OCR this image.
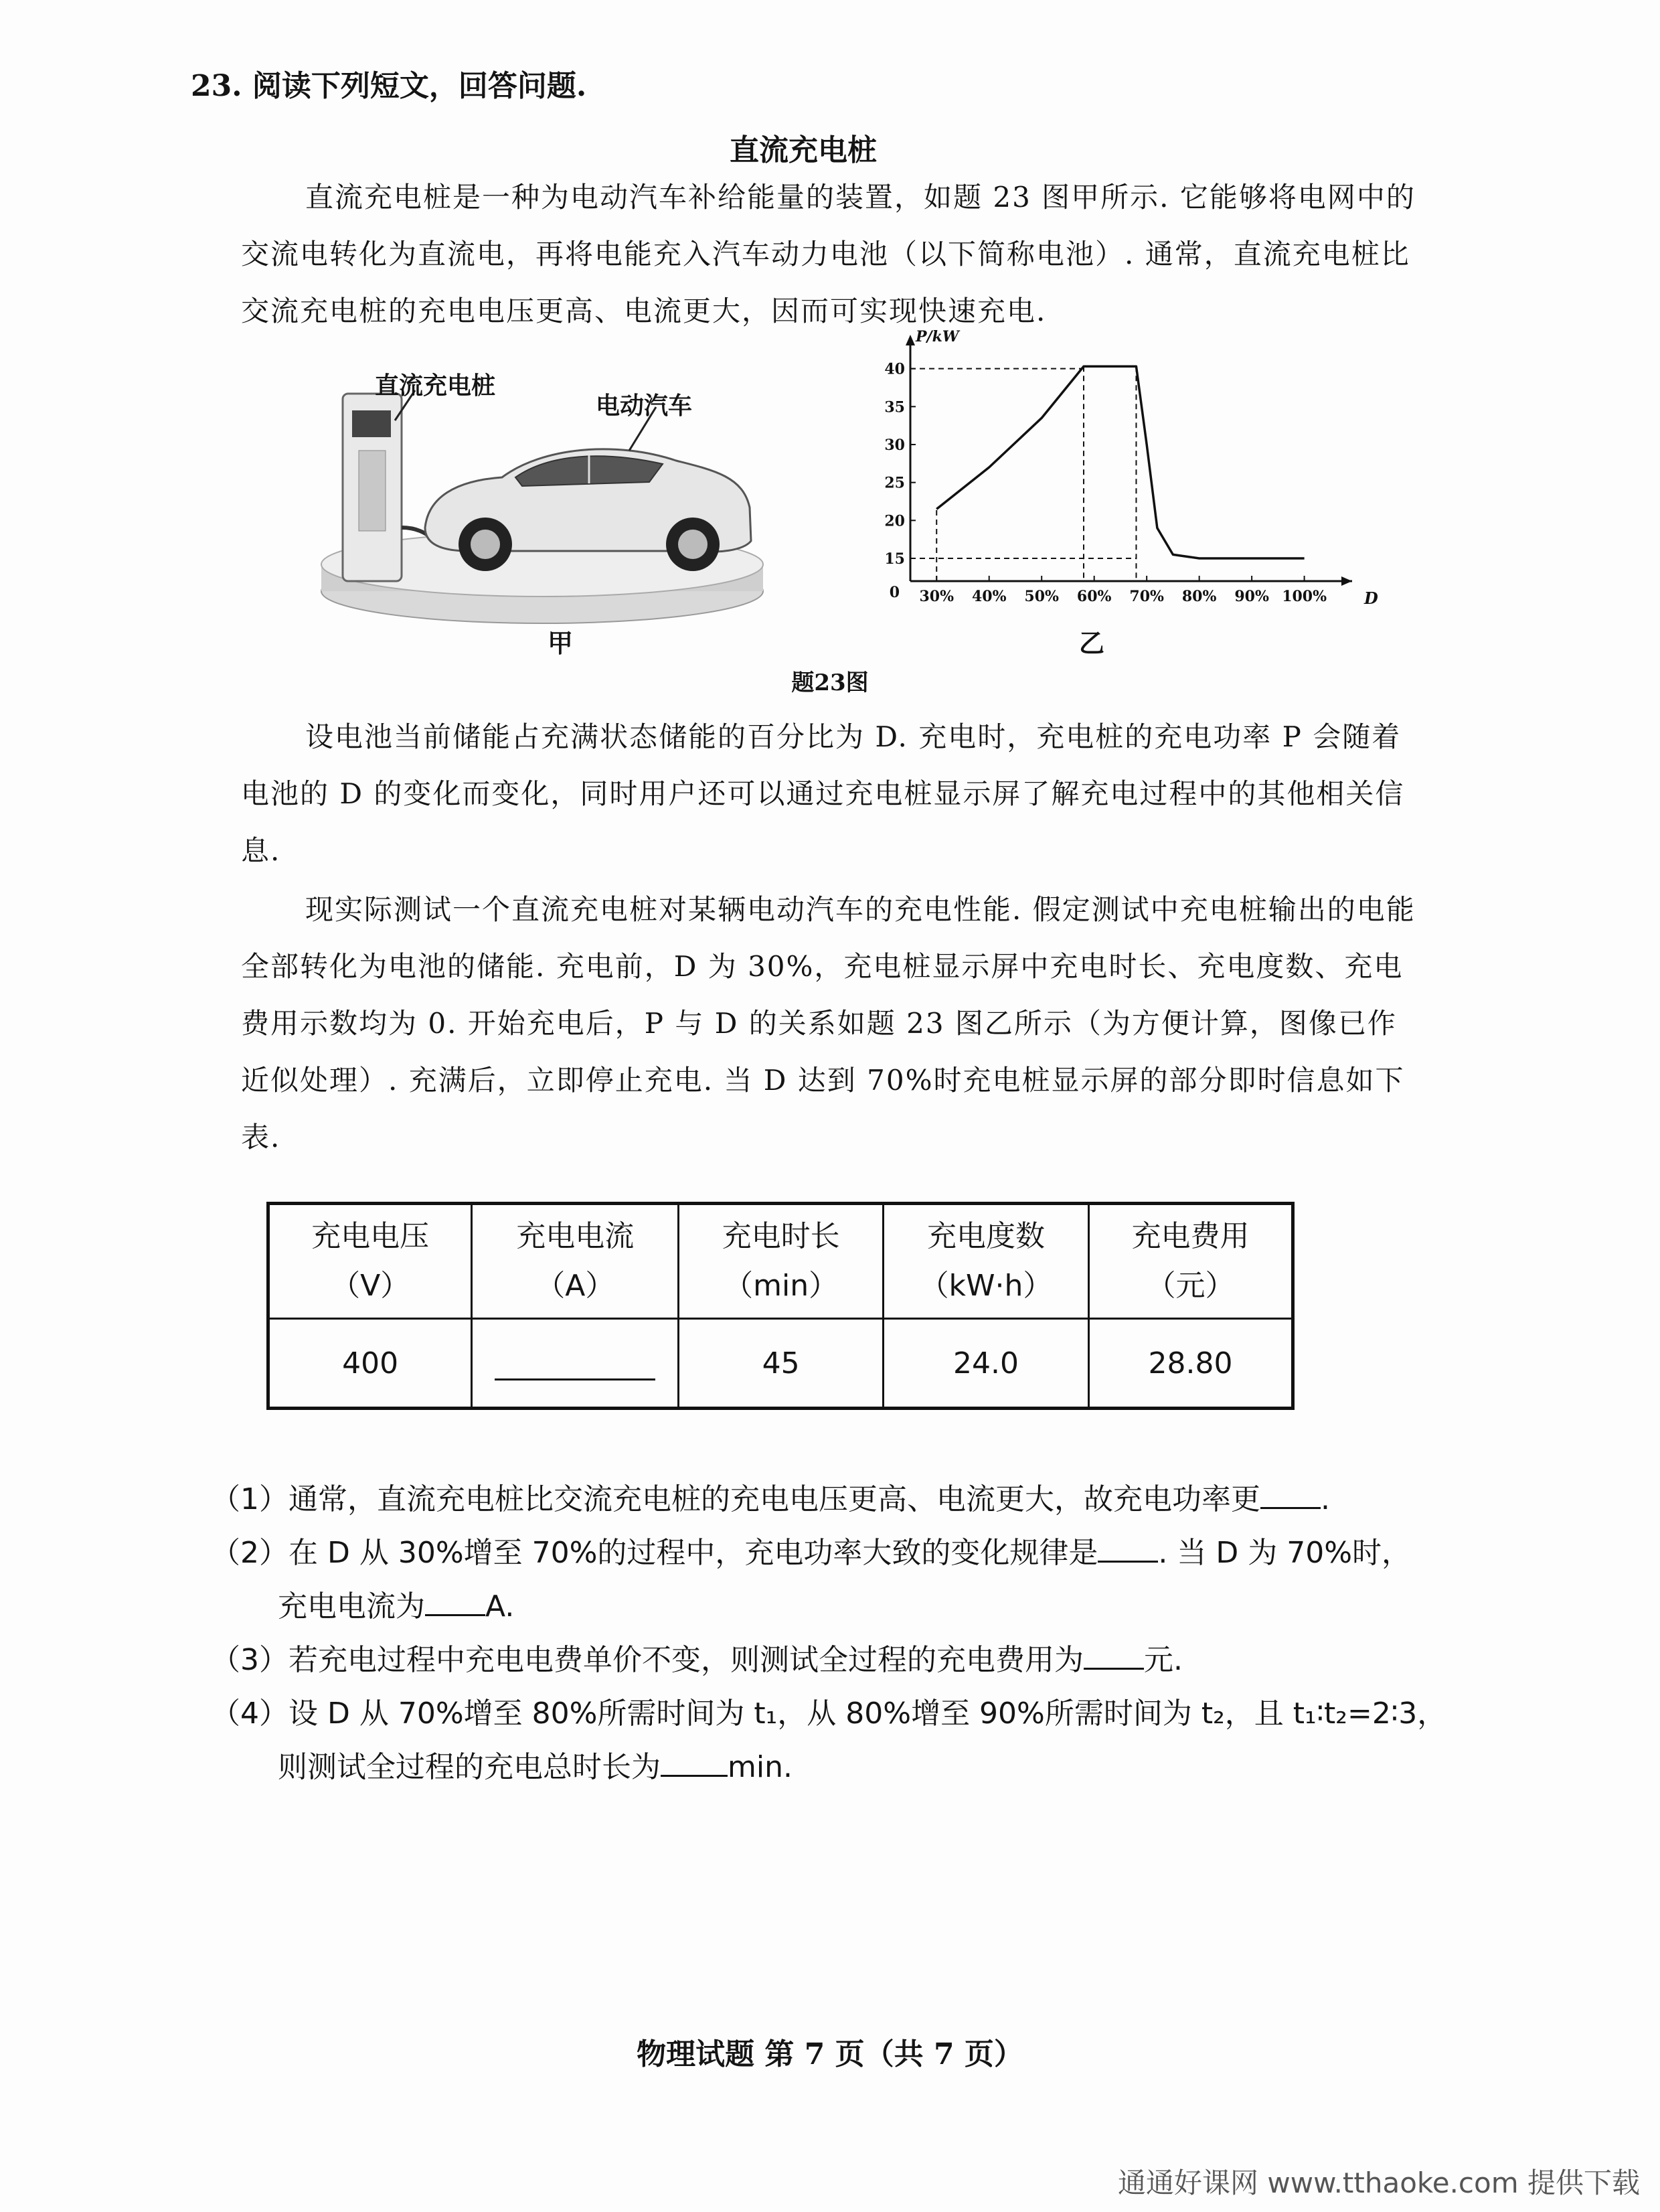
23. 阅读下列短文，回答问题.
直流充电桩
直流充电桩是一种为电动汽车补给能量的装置，如题 23 图甲所示. 它能够将电网中的交流电转化为直流电，再将电能充入汽车动力电池（以下简称电池）. 通常，直流充电桩比交流充电桩的充电电压更高、电流更大，因而可实现快速充电.
直流充电桩
电动汽车
甲
P/kW
D
0
15
20
25
30
35
40
30% 40% 50% 60% 70% 80% 90% 100%
乙
题23图
设电池当前储能占充满状态储能的百分比为 D. 充电时，充电桩的充电功率 P 会随着电池的 D 的变化而变化，同时用户还可以通过充电桩显示屏了解充电过程中的其他相关信息.
现实际测试一个直流充电桩对某辆电动汽车的充电性能. 假定测试中充电桩输出的电能全部转化为电池的储能. 充电前，D 为 30%，充电桩显示屏中充电时长、充电度数、充电费用示数均为 0. 开始充电后，P 与 D 的关系如题 23 图乙所示（为方便计算，图像已作近似处理）. 充满后，立即停止充电. 当 D 达到 70%时充电桩显示屏的部分即时信息如下表.
充电电压
（V）	充电电流
（A）	充电时长
（min）	充电度数
（kW·h）	充电费用
（元）
400		45	24.0	28.80
（1）通常，直流充电桩比交流充电桩的充电电压更高、电流更大，故充电功率更 .
（2）在 D 从 30%增至 70%的过程中，充电功率大致的变化规律是 . 当 D 为 70%时，
充电电流为 A.
（3）若充电过程中充电电费单价不变，则测试全过程的充电费用为 元.
（4）设 D 从 70%增至 80%所需时间为 t₁，从 80%增至 90%所需时间为 t₂，且 t₁∶t₂=2∶3，
则测试全过程的充电总时长为 min.
物理试题 第 7 页（共 7 页）
通通好课网 www.tthaoke.com 提供下载
